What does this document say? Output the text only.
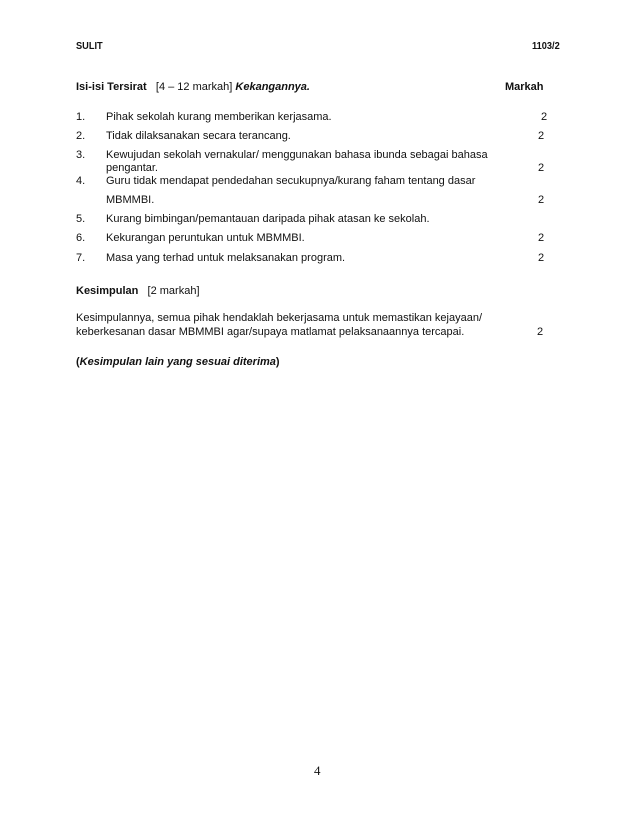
SULIT	1103/2
Isi-isi Tersirat [4 – 12 markah] Kekangannya.	Markah
1. Pihak sekolah kurang memberikan kerjasama.	2
2. Tidak dilaksanakan secara terancang.	2
3. Kewujudan sekolah vernakular/ menggunakan bahasa ibunda sebagai bahasa
pengantar.	2
4. Guru tidak mendapat pendedahan secukupnya/kurang faham tentang dasar
MBMMBI.	2
5. Kurang bimbingan/pemantauan daripada pihak atasan ke sekolah.
6. Kekurangan peruntukan untuk MBMMBI.	2
7. Masa yang terhad untuk melaksanakan program.	2
Kesimpulan [2 markah]
Kesimpulannya, semua pihak hendaklah bekerjasama untuk memastikan kejayaan/
keberkesanan dasar MBMMBI agar/supaya matlamat pelaksanaannya tercapai.	2
(Kesimpulan lain yang sesuai diterima)
4
